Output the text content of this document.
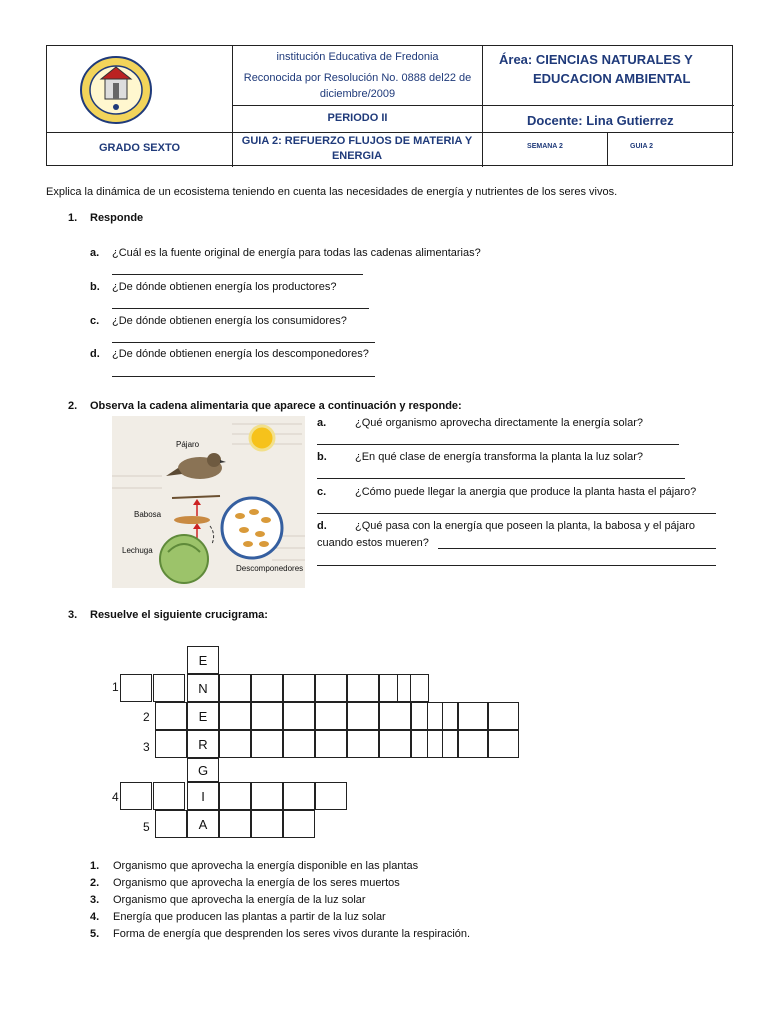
institución Educativa de Fredonia
Reconocida por Resolución No. 0888 del22 de diciembre/2009
Área: CIENCIAS NATURALES Y
EDUCACION AMBIENTAL
PERIODO II	Docente: Lina Gutierrez
GRADO SEXTO
GUIA 2: REFUERZO FLUJOS DE MATERIA Y ENERGIA
SEMANA 2	GUIA 2
Explica la dinámica de un ecosistema teniendo en cuenta las necesidades de energía y nutrientes de los seres vivos.
1. Responde
a. ¿Cuál es la fuente original de energía para todas las cadenas alimentarias?
b. ¿De dónde obtienen energía los productores?
c. ¿De dónde obtienen energía los consumidores?
d. ¿De dónde obtienen energía los descomponedores?
2. Observa la cadena alimentaria que aparece a continuación y responde:
Pájaro
Babosa
Lechuga
Descomponedores
a.	¿Qué organismo aprovecha directamente la energía solar?
b.	¿En qué clase de energía transforma la planta la luz solar?
c.	¿Cómo puede llegar la anergia que produce la planta hasta el pájaro?
d.	¿Qué pasa con la energía que poseen la planta, la babosa y el pájaro
cuando estos mueren?
3. Resuelve el siguiente crucigrama:
E
1	N
2	E
3	R
G
4	I
5	A
1. Organismo que aprovecha la energía disponible en las plantas
2. Organismo que aprovecha la energía de los seres muertos
3. Organismo que aprovecha la energía de la luz solar
4. Energía que producen las plantas a partir de la luz solar
5. Forma de energía que desprenden los seres vivos durante la respiración.
